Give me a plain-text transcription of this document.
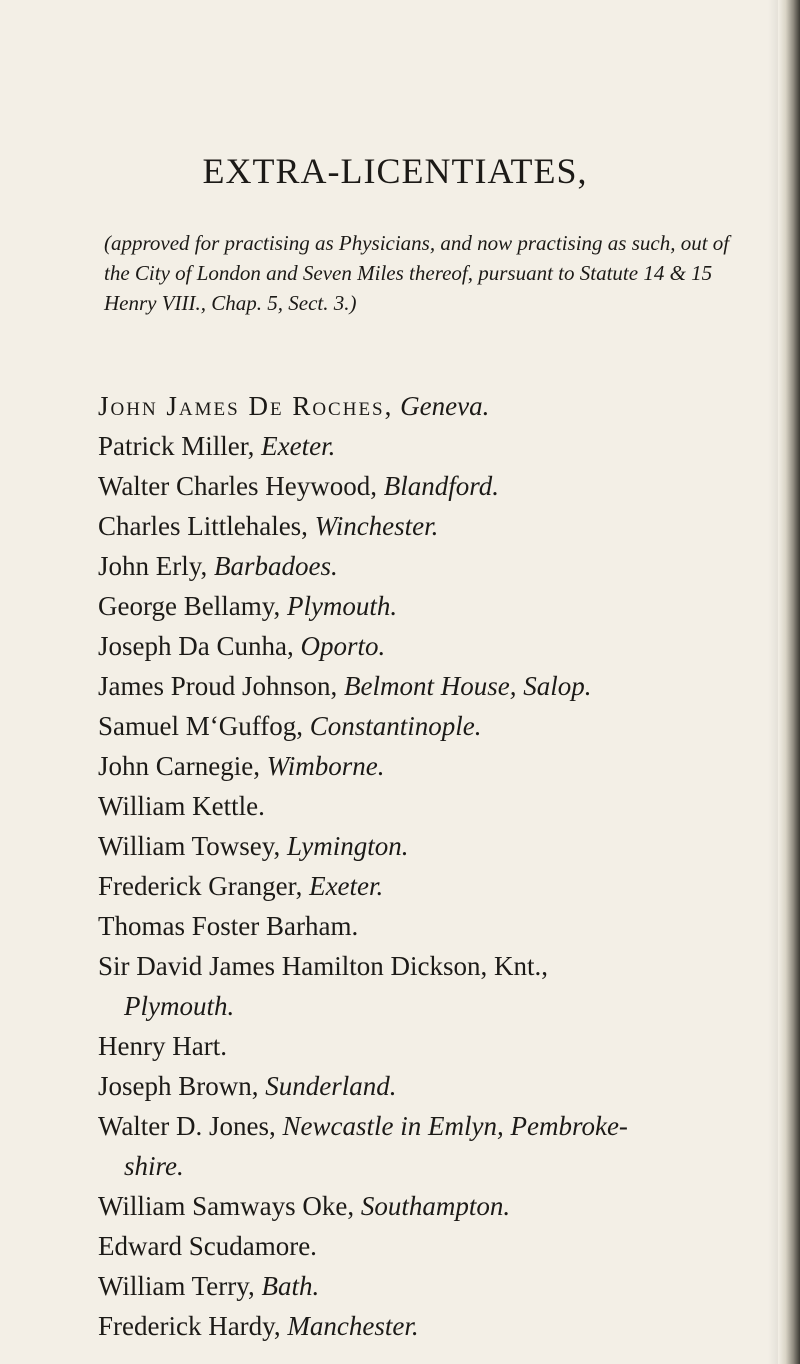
EXTRA-LICENTIATES,
(approved for practising as Physicians, and now practising as such, out of the City of London and Seven Miles thereof, pursuant to Statute 14 & 15 Henry VIII., Chap. 5, Sect. 3.)
John James De Roches, Geneva.
Patrick Miller, Exeter.
Walter Charles Heywood, Blandford.
Charles Littlehales, Winchester.
John Erly, Barbadoes.
George Bellamy, Plymouth.
Joseph Da Cunha, Oporto.
James Proud Johnson, Belmont House, Salop.
Samuel M‘Guffog, Constantinople.
John Carnegie, Wimborne.
William Kettle.
William Towsey, Lymington.
Frederick Granger, Exeter.
Thomas Foster Barham.
Sir David James Hamilton Dickson, Knt.,
Plymouth.
Henry Hart.
Joseph Brown, Sunderland.
Walter D. Jones, Newcastle in Emlyn, Pembroke-
shire.
William Samways Oke, Southampton.
Edward Scudamore.
William Terry, Bath.
Frederick Hardy, Manchester.
